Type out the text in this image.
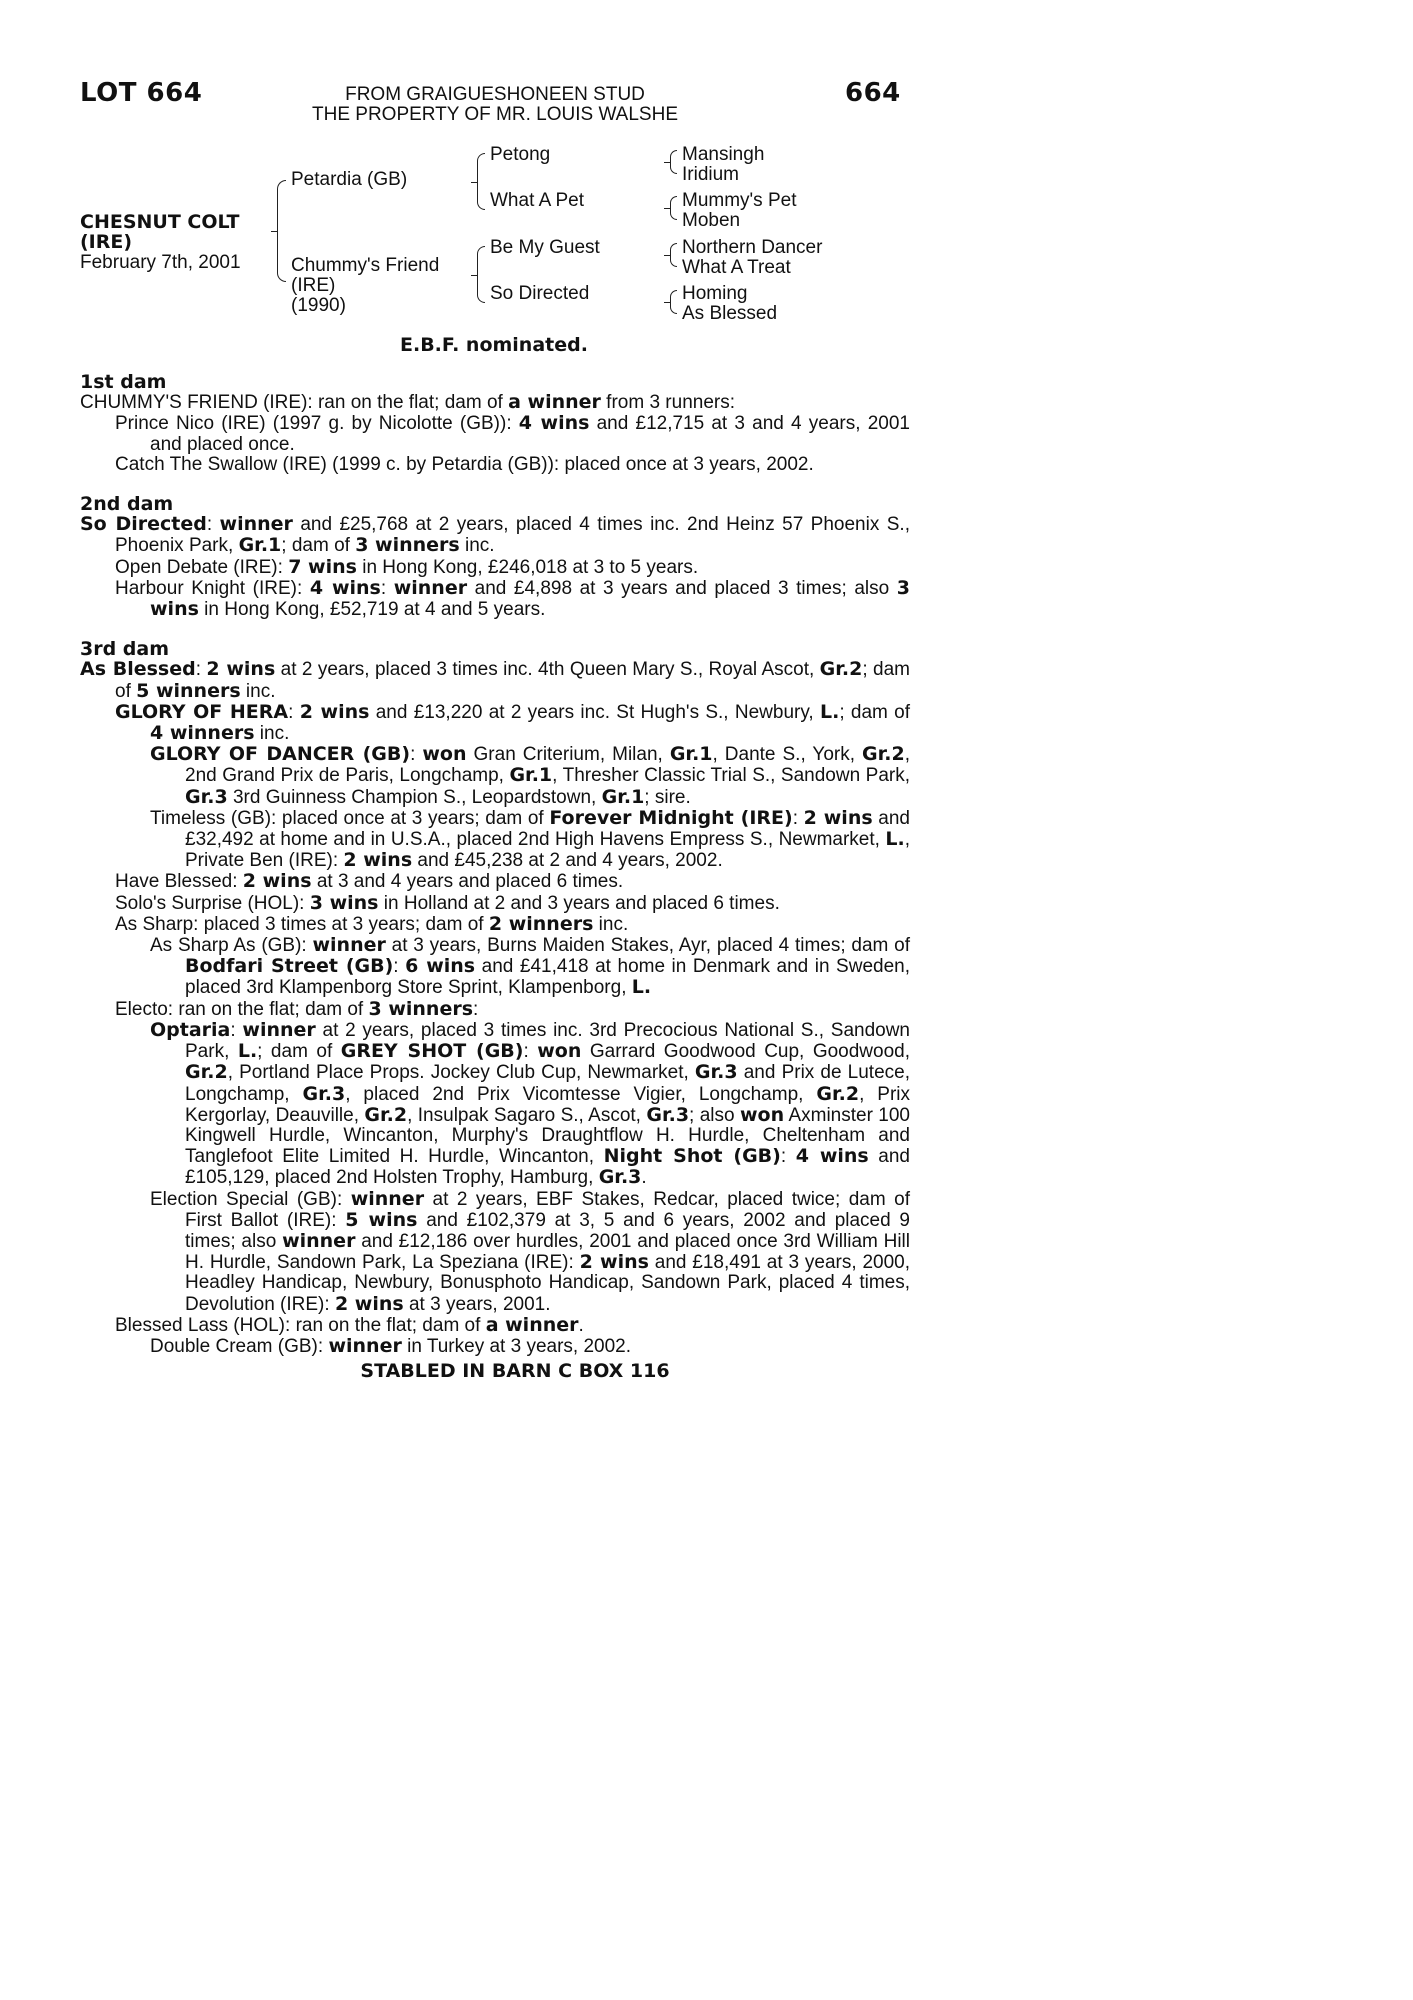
LOT 664	664
FROM GRAIGUESHONEEN STUD
THE PROPERTY OF MR. LOUIS WALSHE
CHESNUT COLT
(IRE)
February 7th, 2001
Petardia (GB)
Chummy's Friend
(IRE)
(1990)
Petong
What A Pet
Be My Guest
So Directed
Mansingh
Iridium
Mummy's Pet
Moben
Northern Dancer
What A Treat
Homing
As Blessed
E.B.F. nominated.
1st dam

CHUMMY'S FRIEND (IRE): ran on the flat; dam of a winner from 3 runners:

Prince Nico (IRE) (1997 g. by Nicolotte (GB)): 4 wins and £12,715 at 3 and 4 years, 2001 and placed once.

Catch The Swallow (IRE) (1999 c. by Petardia (GB)): placed once at 3 years, 2002.

2nd dam

So Directed: winner and £25,768 at 2 years, placed 4 times inc. 2nd Heinz 57 Phoenix S., Phoenix Park, Gr.1; dam of 3 winners inc.

Open Debate (IRE): 7 wins in Hong Kong, £246,018 at 3 to 5 years.

Harbour Knight (IRE): 4 wins: winner and £4,898 at 3 years and placed 3 times; also 3 wins in Hong Kong, £52,719 at 4 and 5 years.

3rd dam

As Blessed: 2 wins at 2 years, placed 3 times inc. 4th Queen Mary S., Royal Ascot, Gr.2; dam of 5 winners inc.

GLORY OF HERA: 2 wins and £13,220 at 2 years inc. St Hugh's S., Newbury, L.; dam of 4 winners inc.

GLORY OF DANCER (GB): won Gran Criterium, Milan, Gr.1, Dante S., York, Gr.2, 2nd Grand Prix de Paris, Longchamp, Gr.1, Thresher Classic Trial S., Sandown Park, Gr.3 3rd Guinness Champion S., Leopardstown, Gr.1; sire.

Timeless (GB): placed once at 3 years; dam of Forever Midnight (IRE): 2 wins and £32,492 at home and in U.S.A., placed 2nd High Havens Empress S., Newmarket, L., Private Ben (IRE): 2 wins and £45,238 at 2 and 4 years, 2002.

Have Blessed: 2 wins at 3 and 4 years and placed 6 times.

Solo's Surprise (HOL): 3 wins in Holland at 2 and 3 years and placed 6 times.

As Sharp: placed 3 times at 3 years; dam of 2 winners inc.

As Sharp As (GB): winner at 3 years, Burns Maiden Stakes, Ayr, placed 4 times; dam of Bodfari Street (GB): 6 wins and £41,418 at home in Denmark and in Sweden, placed 3rd Klampenborg Store Sprint, Klampenborg, L.

Electo: ran on the flat; dam of 3 winners:

Optaria: winner at 2 years, placed 3 times inc. 3rd Precocious National S., Sandown Park, L.; dam of GREY SHOT (GB): won Garrard Goodwood Cup, Goodwood, Gr.2, Portland Place Props. Jockey Club Cup, Newmarket, Gr.3 and Prix de Lutece, Longchamp, Gr.3, placed 2nd Prix Vicomtesse Vigier, Longchamp, Gr.2, Prix Kergorlay, Deauville, Gr.2, Insulpak Sagaro S., Ascot, Gr.3; also won Axminster 100 Kingwell Hurdle, Wincanton, Murphy's Draughtflow H. Hurdle, Cheltenham and Tanglefoot Elite Limited H. Hurdle, Wincanton, Night Shot (GB): 4 wins and £105,129, placed 2nd Holsten Trophy, Hamburg, Gr.3.

Election Special (GB): winner at 2 years, EBF Stakes, Redcar, placed twice; dam of First Ballot (IRE): 5 wins and £102,379 at 3, 5 and 6 years, 2002 and placed 9 times; also winner and £12,186 over hurdles, 2001 and placed once 3rd William Hill H. Hurdle, Sandown Park, La Speziana (IRE): 2 wins and £18,491 at 3 years, 2000, Headley Handicap, Newbury, Bonusphoto Handicap, Sandown Park, placed 4 times, Devolution (IRE): 2 wins at 3 years, 2001.

Blessed Lass (HOL): ran on the flat; dam of a winner.

Double Cream (GB): winner in Turkey at 3 years, 2002.

STABLED IN BARN C BOX 116
